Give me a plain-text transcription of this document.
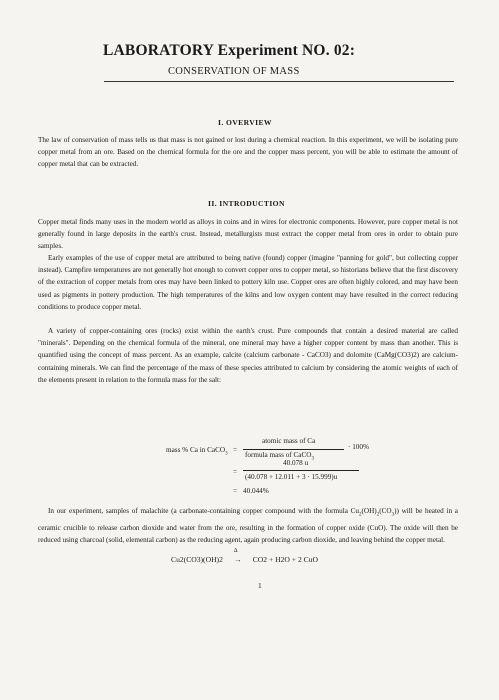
LABORATORY Experiment NO. 02:
CONSERVATION OF MASS
I. OVERVIEW
The law of conservation of mass tells us that mass is not gained or lost during a chemical reaction. In this experiment, we will be isolating pure copper metal from an ore. Based on the chemical formula for the ore and the copper mass percent, you will be able to estimate the amount of copper metal that can be extracted.
II. INTRODUCTION
Copper metal finds many uses in the modern world as alloys in coins and in wires for electronic components. However, pure copper metal is not generally found in large deposits in the earth's crust. Instead, metallurgists must extract the copper metal from ores in order to obtain pure samples.
Early examples of the use of copper metal are attributed to being native (found) copper (imagine "panning for gold", but collecting copper instead). Campfire temperatures are not generally hot enough to convert copper ores to copper metal, so historians believe that the first discovery of the extraction of copper metals from ores may have been linked to pottery kiln use. Copper ores are often highly colored, and may have been used as pigments in pottery production. The high temperatures of the kilns and low oxygen content may have resulted in the correct reducing conditions to produce copper metal.
A variety of copper-containing ores (rocks) exist within the earth's crust. Pure compounds that contain a desired material are called "minerals". Depending on the chemical formula of the mineral, one mineral may have a higher copper content by mass than another. This is quantified using the concept of mass percent. As an example, calcite (calcium carbonate - CaCO3) and dolomite (CaMg(CO3)2) are calcium-containing minerals. We can find the percentage of the mass of these species attributed to calcium by considering the atomic weights of each of the elements present in relation to the formula mass for the salt:
mass % Ca in CaCO$_3$ =
atomic mass of Ca
formula mass of CaCO$_3$
· 100%
=
40.078 u
(40.078 + 12.011 + 3 · 15.999)u
= 40.044%
In our experiment, samples of malachite (a carbonate-containing copper compound with the formula $Cu_2(OH)_2(CO_3)$) will be heated in a ceramic crucible to release carbon dioxide and water from the ore, resulting in the formation of copper oxide (CuO). The oxide will then be reduced using charcoal (solid, elemental carbon) as the reducing agent, again producing carbon dioxide, and leaving behind the copper metal.
Cu2(CO3)(OH)2
Δ
→ CO2 + H2O + 2 CuO
1
